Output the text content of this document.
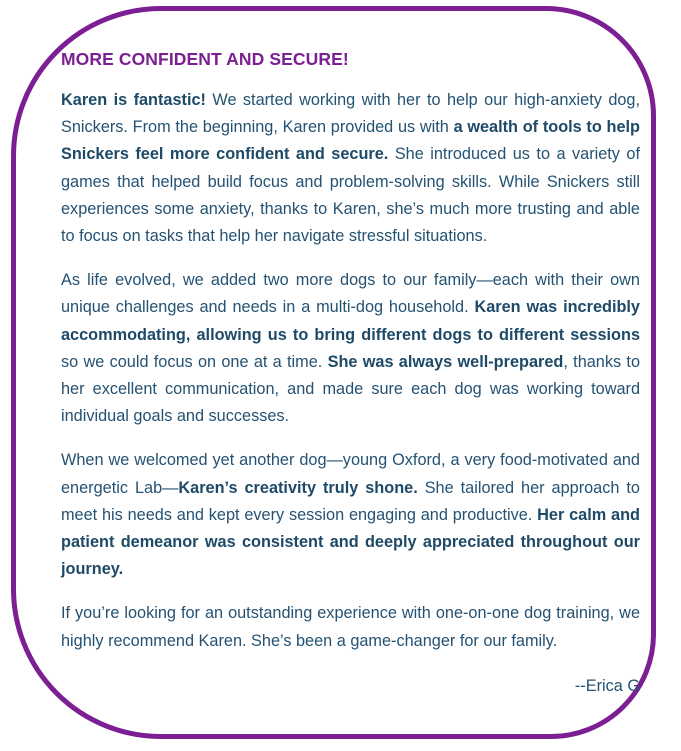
MORE CONFIDENT AND SECURE!
Karen is fantastic! We started working with her to help our high-anxiety dog, Snickers. From the beginning, Karen provided us with a wealth of tools to help Snickers feel more confident and secure. She introduced us to a variety of games that helped build focus and problem-solving skills. While Snickers still experiences some anxiety, thanks to Karen, she’s much more trusting and able to focus on tasks that help her navigate stressful situations.
As life evolved, we added two more dogs to our family—each with their own unique challenges and needs in a multi-dog household. Karen was incredibly accommodating, allowing us to bring different dogs to different sessions so we could focus on one at a time. She was always well-prepared, thanks to her excellent communication, and made sure each dog was working toward individual goals and successes.
When we welcomed yet another dog—young Oxford, a very food-motivated and energetic Lab—Karen’s creativity truly shone. She tailored her approach to meet his needs and kept every session engaging and productive. Her calm and patient demeanor was consistent and deeply appreciated throughout our journey.
If you’re looking for an outstanding experience with one-on-one dog training, we highly recommend Karen. She’s been a game-changer for our family.
--Erica G
